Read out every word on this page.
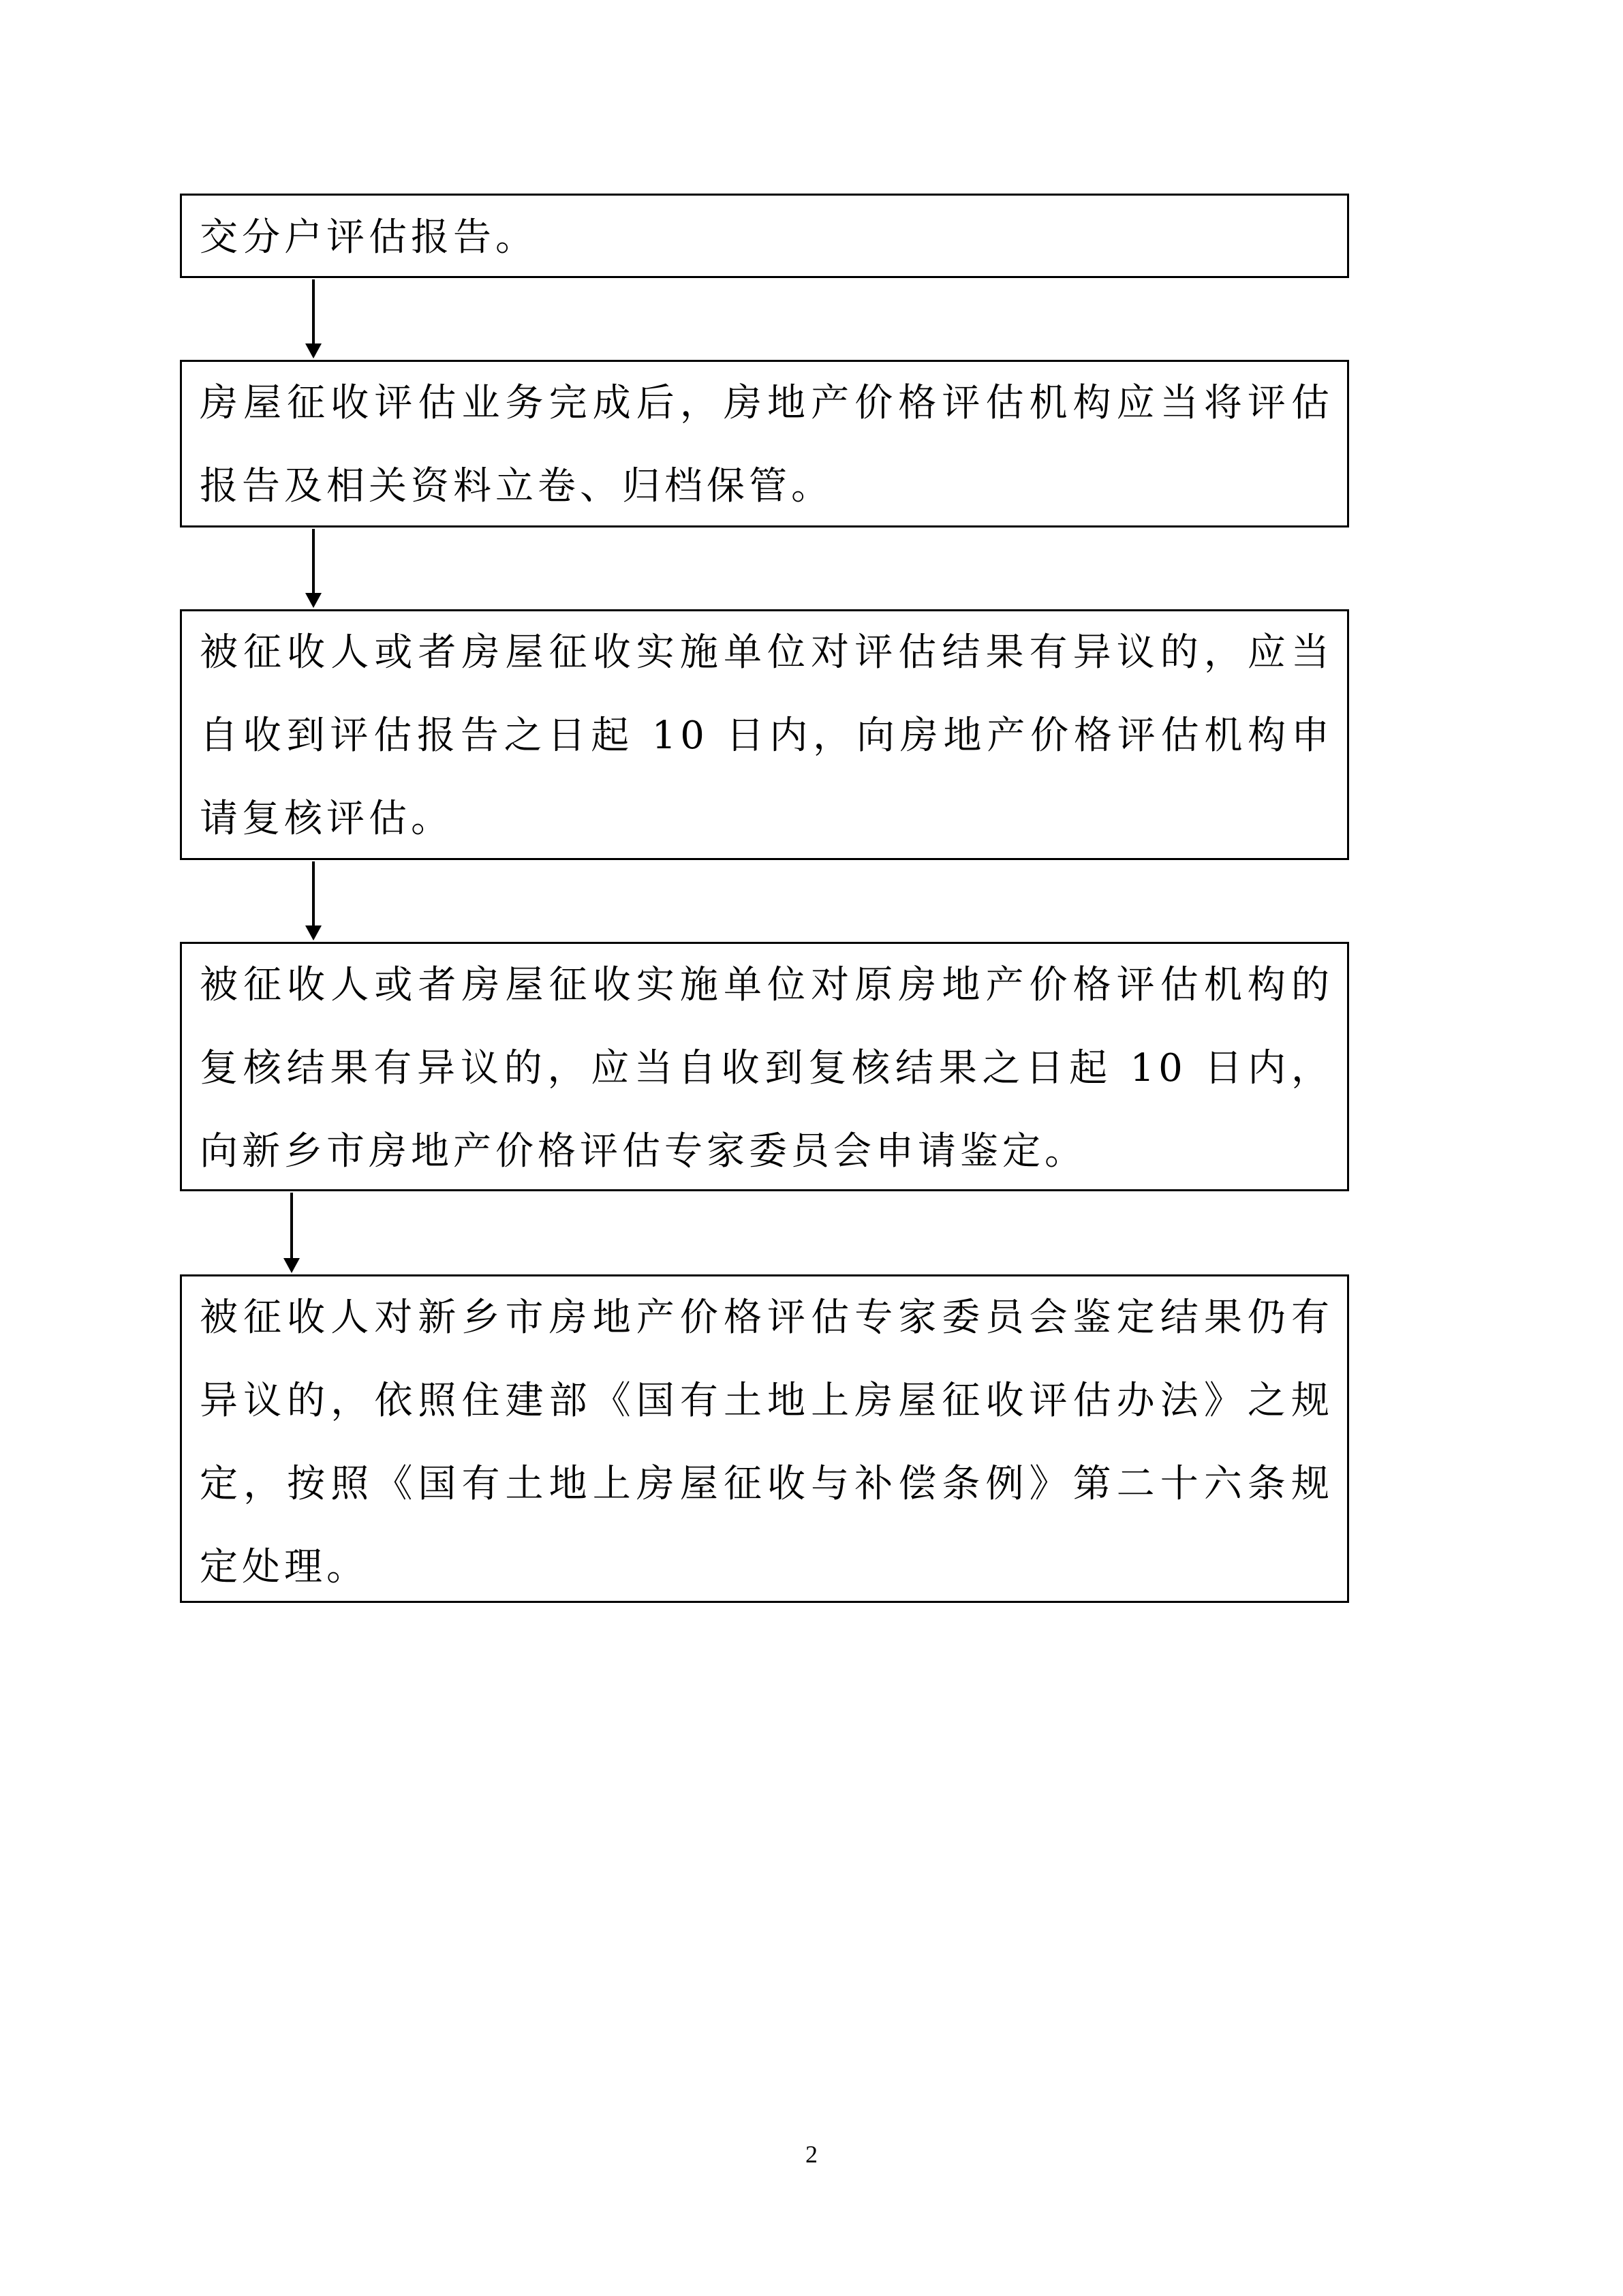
交分户评估报告。

房屋征收评估业务完成后，房地产价格评估机构应当将评估报告及相关资料立卷、归档保管。

被征收人或者房屋征收实施单位对评估结果有异议的，应当自收到评估报告之日起 10 日内，向房地产价格评估机构申请复核评估。

被征收人或者房屋征收实施单位对原房地产价格评估机构的复核结果有异议的，应当自收到复核结果之日起 10 日内，向新乡市房地产价格评估专家委员会申请鉴定。

被征收人对新乡市房地产价格评估专家委员会鉴定结果仍有异议的，依照住建部《国有土地上房屋征收评估办法》之规定，按照《国有土地上房屋征收与补偿条例》第二十六条规定处理。

2
